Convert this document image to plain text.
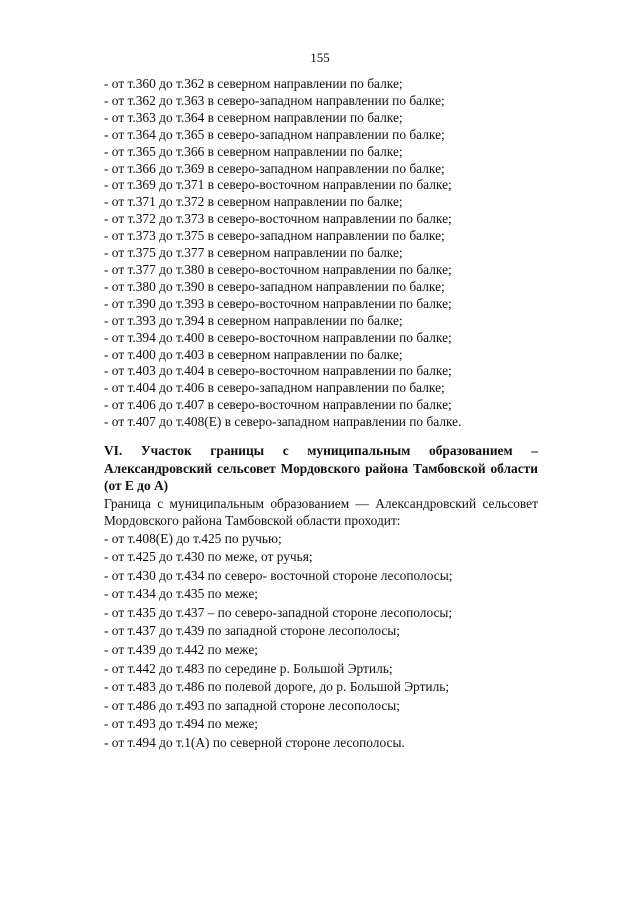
155
- от т.360 до т.362 в северном направлении по балке;
- от т.362 до т.363 в северо-западном направлении по балке;
- от т.363 до т.364 в северном направлении по балке;
- от т.364 до т.365 в северо-западном направлении по балке;
- от т.365 до т.366 в северном направлении по балке;
- от т.366 до т.369 в северо-западном направлении по балке;
- от т.369 до т.371 в северо-восточном направлении по балке;
- от т.371 до т.372 в северном направлении по балке;
- от т.372 до т.373 в северо-восточном направлении по балке;
- от т.373 до т.375 в северо-западном направлении по балке;
- от т.375 до т.377 в северном направлении по балке;
- от т.377 до т.380 в северо-восточном направлении по балке;
- от т.380 до т.390 в северо-западном направлении по балке;
- от т.390 до т.393 в северо-восточном направлении по балке;
- от т.393 до т.394 в северном направлении по балке;
- от т.394 до т.400 в северо-восточном направлении по балке;
- от т.400 до т.403 в северном направлении по балке;
- от т.403 до т.404 в северо-восточном направлении по балке;
- от т.404 до т.406 в северо-западном направлении по балке;
- от т.406 до т.407 в северо-восточном направлении по балке;
- от т.407 до т.408(Е) в северо-западном направлении по балке.
VI. Участок границы с муниципальным образованием –
Александровский сельсовет Мордовского района Тамбовской области
(от Е до А)
Граница с муниципальным образованием — Александровский сельсовет
Мордовского района Тамбовской области проходит:
- от т.408(Е) до т.425 по ручью;
- от т.425 до т.430 по меже, от ручья;
- от т.430 до т.434 по северо- восточной стороне лесополосы;
- от т.434 до т.435 по меже;
- от т.435 до т.437 – по северо-западной стороне лесополосы;
- от т.437 до т.439 по западной стороне лесополосы;
- от т.439 до т.442 по меже;
- от т.442 до т.483 по середине р. Большой Эртиль;
- от т.483 до т.486 по полевой дороге, до р. Большой Эртиль;
- от т.486 до т.493 по западной стороне лесополосы;
- от т.493 до т.494 по меже;
- от т.494 до т.1(А) по северной стороне лесополосы.
